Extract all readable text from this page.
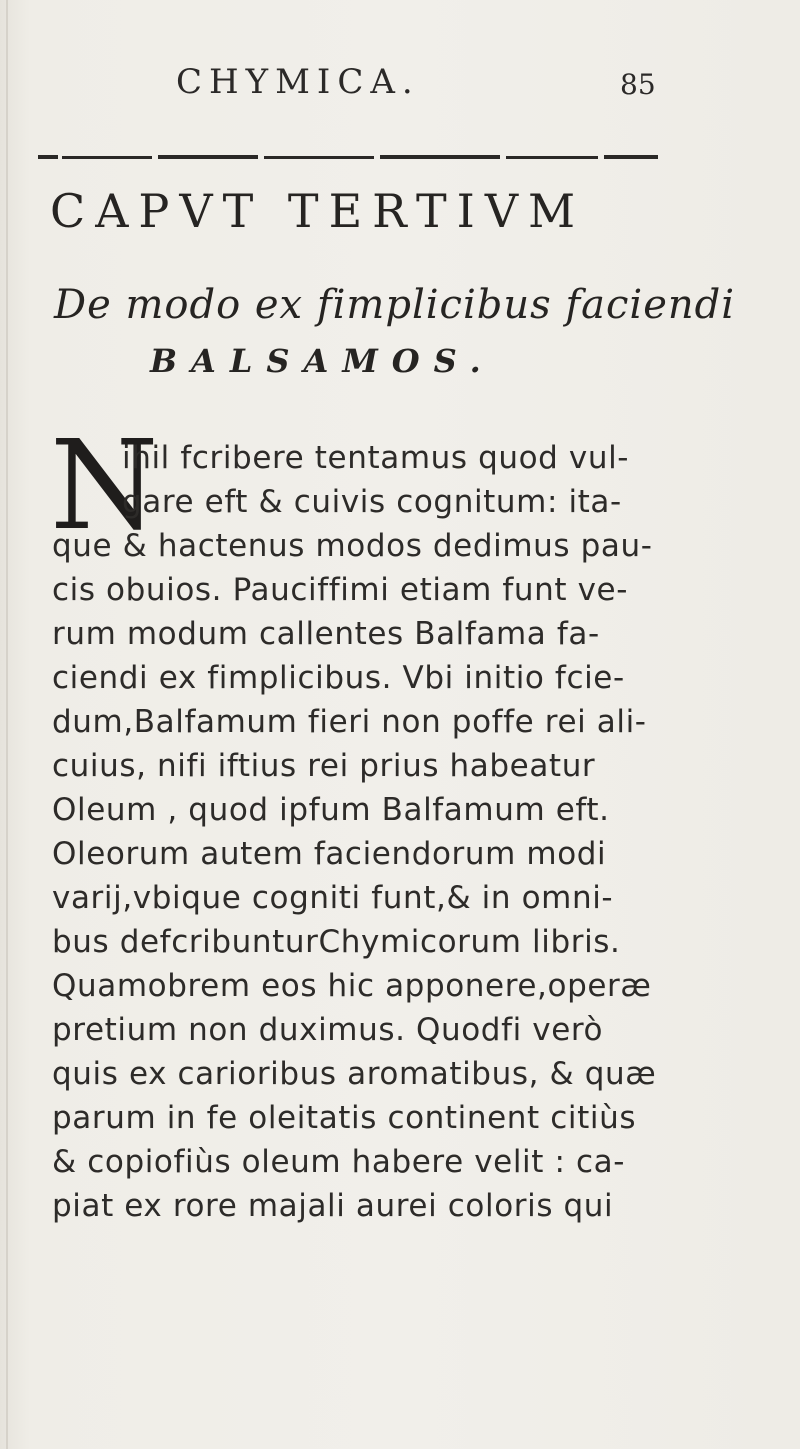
CHYMICA.	85
CAPVT TERTIVM
De modo ex fimplicibus faciendi
BALSAMOS.
N
ihil fcribere tentamus quod vul-
gare eft & cuivis cognitum: ita-
que & hactenus modos dedimus pau-
cis obuios. Pauciffimi etiam funt ve-
rum modum callentes Balfama fa-
ciendi ex fimplicibus. Vbi initio fcie-
dum,Balfamum fieri non poffe rei ali-
cuius, nifi iftius rei prius habeatur
Oleum , quod ipfum Balfamum eft.
Oleorum autem faciendorum modi
varij,vbique cogniti funt,& in omni-
bus defcribunturChymicorum libris.
Quamobrem eos hic apponere,operæ
pretium non duximus. Quodfi verò
quis ex carioribus aromatibus, & quæ
parum in fe oleitatis continent citiùs
& copiofiùs oleum habere velit : ca-
piat ex rore majali aurei coloris qui
